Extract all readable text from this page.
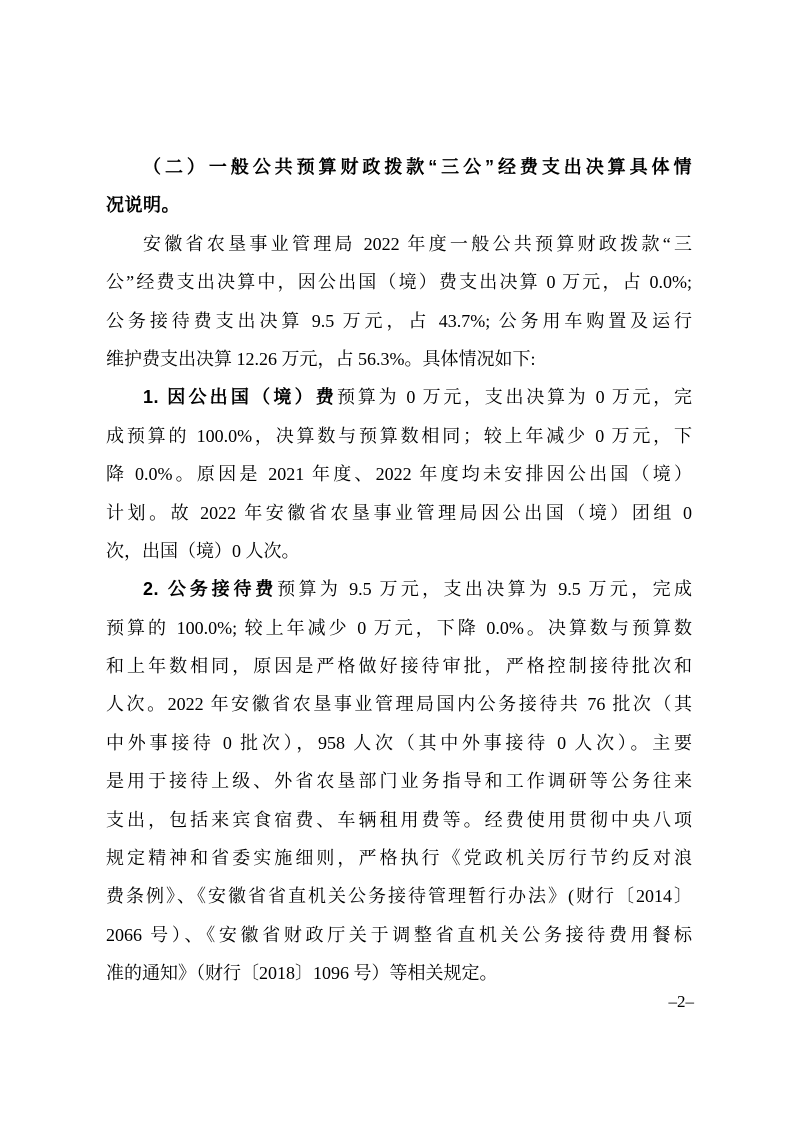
（二）一般公共预算财政拨款“三公”经费支出决算具体情
况说明。
安徽省农垦事业管理局 2022 年度一般公共预算财政拨款“三
公”经费支出决算中，因公出国（境）费支出决算 0 万元，占 0.0%;
公务接待费支出决算 9.5 万元，占 43.7%; 公务用车购置及运行
维护费支出决算 12.26 万元，占 56.3%。具体情况如下:
1. 因公出国（境）费预算为 0 万元，支出决算为 0 万元，完
成预算的 100.0%，决算数与预算数相同；较上年减少 0 万元，下
降 0.0%。原因是 2021 年度、2022 年度均未安排因公出国（境）
计划。故 2022 年安徽省农垦事业管理局因公出国（境）团组 0
次，出国（境）0 人次。
2. 公务接待费预算为 9.5 万元，支出决算为 9.5 万元，完成
预算的 100.0%; 较上年减少 0 万元，下降 0.0%。决算数与预算数
和上年数相同，原因是严格做好接待审批，严格控制接待批次和
人次。2022 年安徽省农垦事业管理局国内公务接待共 76 批次（其
中外事接待 0 批次），958 人次（其中外事接待 0 人次）。主要
是用于接待上级、外省农垦部门业务指导和工作调研等公务往来
支出，包括来宾食宿费、车辆租用费等。经费使用贯彻中央八项
规定精神和省委实施细则，严格执行《党政机关厉行节约反对浪
费条例》、《安徽省省直机关公务接待管理暂行办法》(财行〔2014〕
2066 号）、《安徽省财政厅关于调整省直机关公务接待费用餐标
准的通知》（财行〔2018〕1096 号）等相关规定。
–2–
